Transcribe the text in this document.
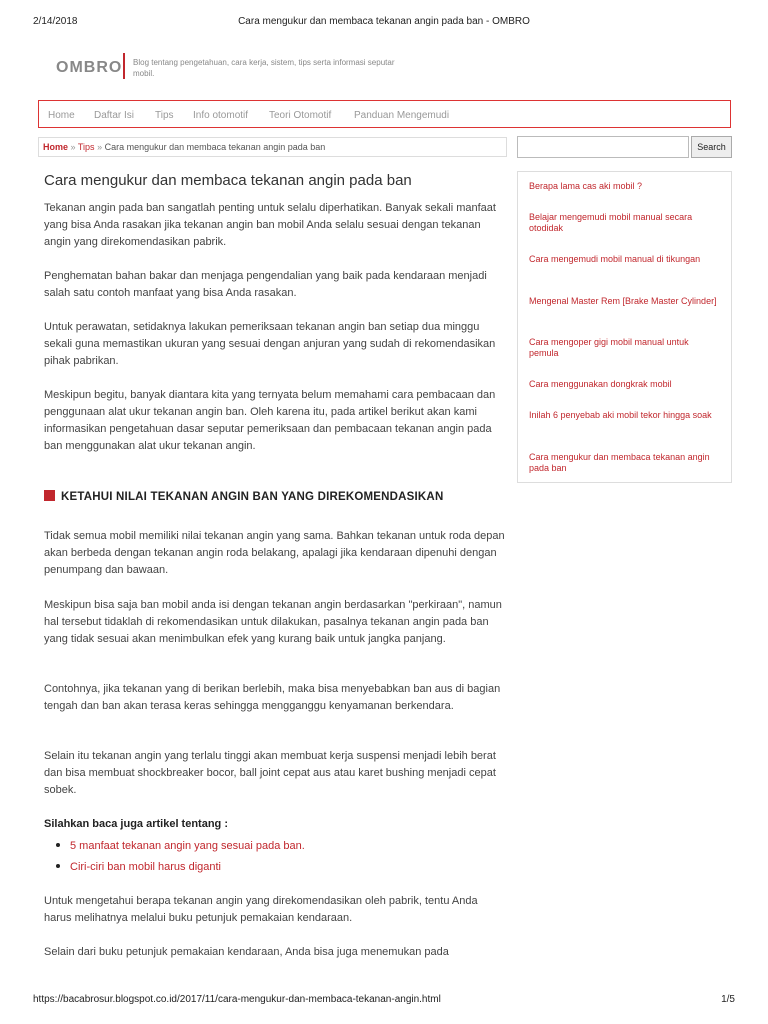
2/14/2018	Cara mengukur dan membaca tekanan angin pada ban - OMBRO
OMBRO Blog tentang pengetahuan, cara kerja, sistem, tips serta informasi seputar mobil.
Home Daftar Isi Tips Info otomotif Teori Otomotif Panduan Mengemudi
Home » Tips » Cara mengukur dan membaca tekanan angin pada ban	Search
Cara mengukur dan membaca tekanan angin pada ban

Tekanan angin pada ban sangatlah penting untuk selalu diperhatikan. Banyak sekali manfaat yang bisa Anda rasakan jika tekanan angin ban mobil Anda selalu sesuai dengan tekanan angin yang direkomendasikan pabrik.

Penghematan bahan bakar dan menjaga pengendalian yang baik pada kendaraan menjadi salah satu contoh manfaat yang bisa Anda rasakan.

Untuk perawatan, setidaknya lakukan pemeriksaan tekanan angin ban setiap dua minggu sekali guna memastikan ukuran yang sesuai dengan anjuran yang sudah di rekomendasikan pihak pabrikan.

Meskipun begitu, banyak diantara kita yang ternyata belum memahami cara pembacaan dan penggunaan alat ukur tekanan angin ban. Oleh karena itu, pada artikel berikut akan kami informasikan pengetahuan dasar seputar pemeriksaan dan pembacaan tekanan angin pada ban menggunakan alat ukur tekanan angin.

KETAHUI NILAI TEKANAN ANGIN BAN YANG DIREKOMENDASIKAN

Tidak semua mobil memiliki nilai tekanan angin yang sama. Bahkan tekanan untuk roda depan akan berbeda dengan tekanan angin roda belakang, apalagi jika kendaraan dipenuhi dengan penumpang dan bawaan.

Meskipun bisa saja ban mobil anda isi dengan tekanan angin berdasarkan "perkiraan", namun hal tersebut tidaklah di rekomendasikan untuk dilakukan, pasalnya tekanan angin pada ban yang tidak sesuai akan menimbulkan efek yang kurang baik untuk jangka panjang.

Contohnya, jika tekanan yang di berikan berlebih, maka bisa menyebabkan ban aus di bagian tengah dan ban akan terasa keras sehingga mengganggu kenyamanan berkendara.

Selain itu tekanan angin yang terlalu tinggi akan membuat kerja suspensi menjadi lebih berat dan bisa membuat shockbreaker bocor, ball joint cepat aus atau karet bushing menjadi cepat sobek.

Silahkan baca juga artikel tentang :
5 manfaat tekanan angin yang sesuai pada ban.
Ciri-ciri ban mobil harus diganti

Untuk mengetahui berapa tekanan angin yang direkomendasikan oleh pabrik, tentu Anda harus melihatnya melalui buku petunjuk pemakaian kendaraan.

Selain dari buku petunjuk pemakaian kendaraan, Anda bisa juga menemukan pada

Berapa lama cas aki mobil ?
Belajar mengemudi mobil manual secara otodidak
Cara mengemudi mobil manual di tikungan
Mengenal Master Rem [Brake Master Cylinder]
Cara mengoper gigi mobil manual untuk pemula
Cara menggunakan dongkrak mobil
Inilah 6 penyebab aki mobil tekor hingga soak
Cara mengukur dan membaca tekanan angin pada ban
https://bacabrosur.blogspot.co.id/2017/11/cara-mengukur-dan-membaca-tekanan-angin.html	1/5
